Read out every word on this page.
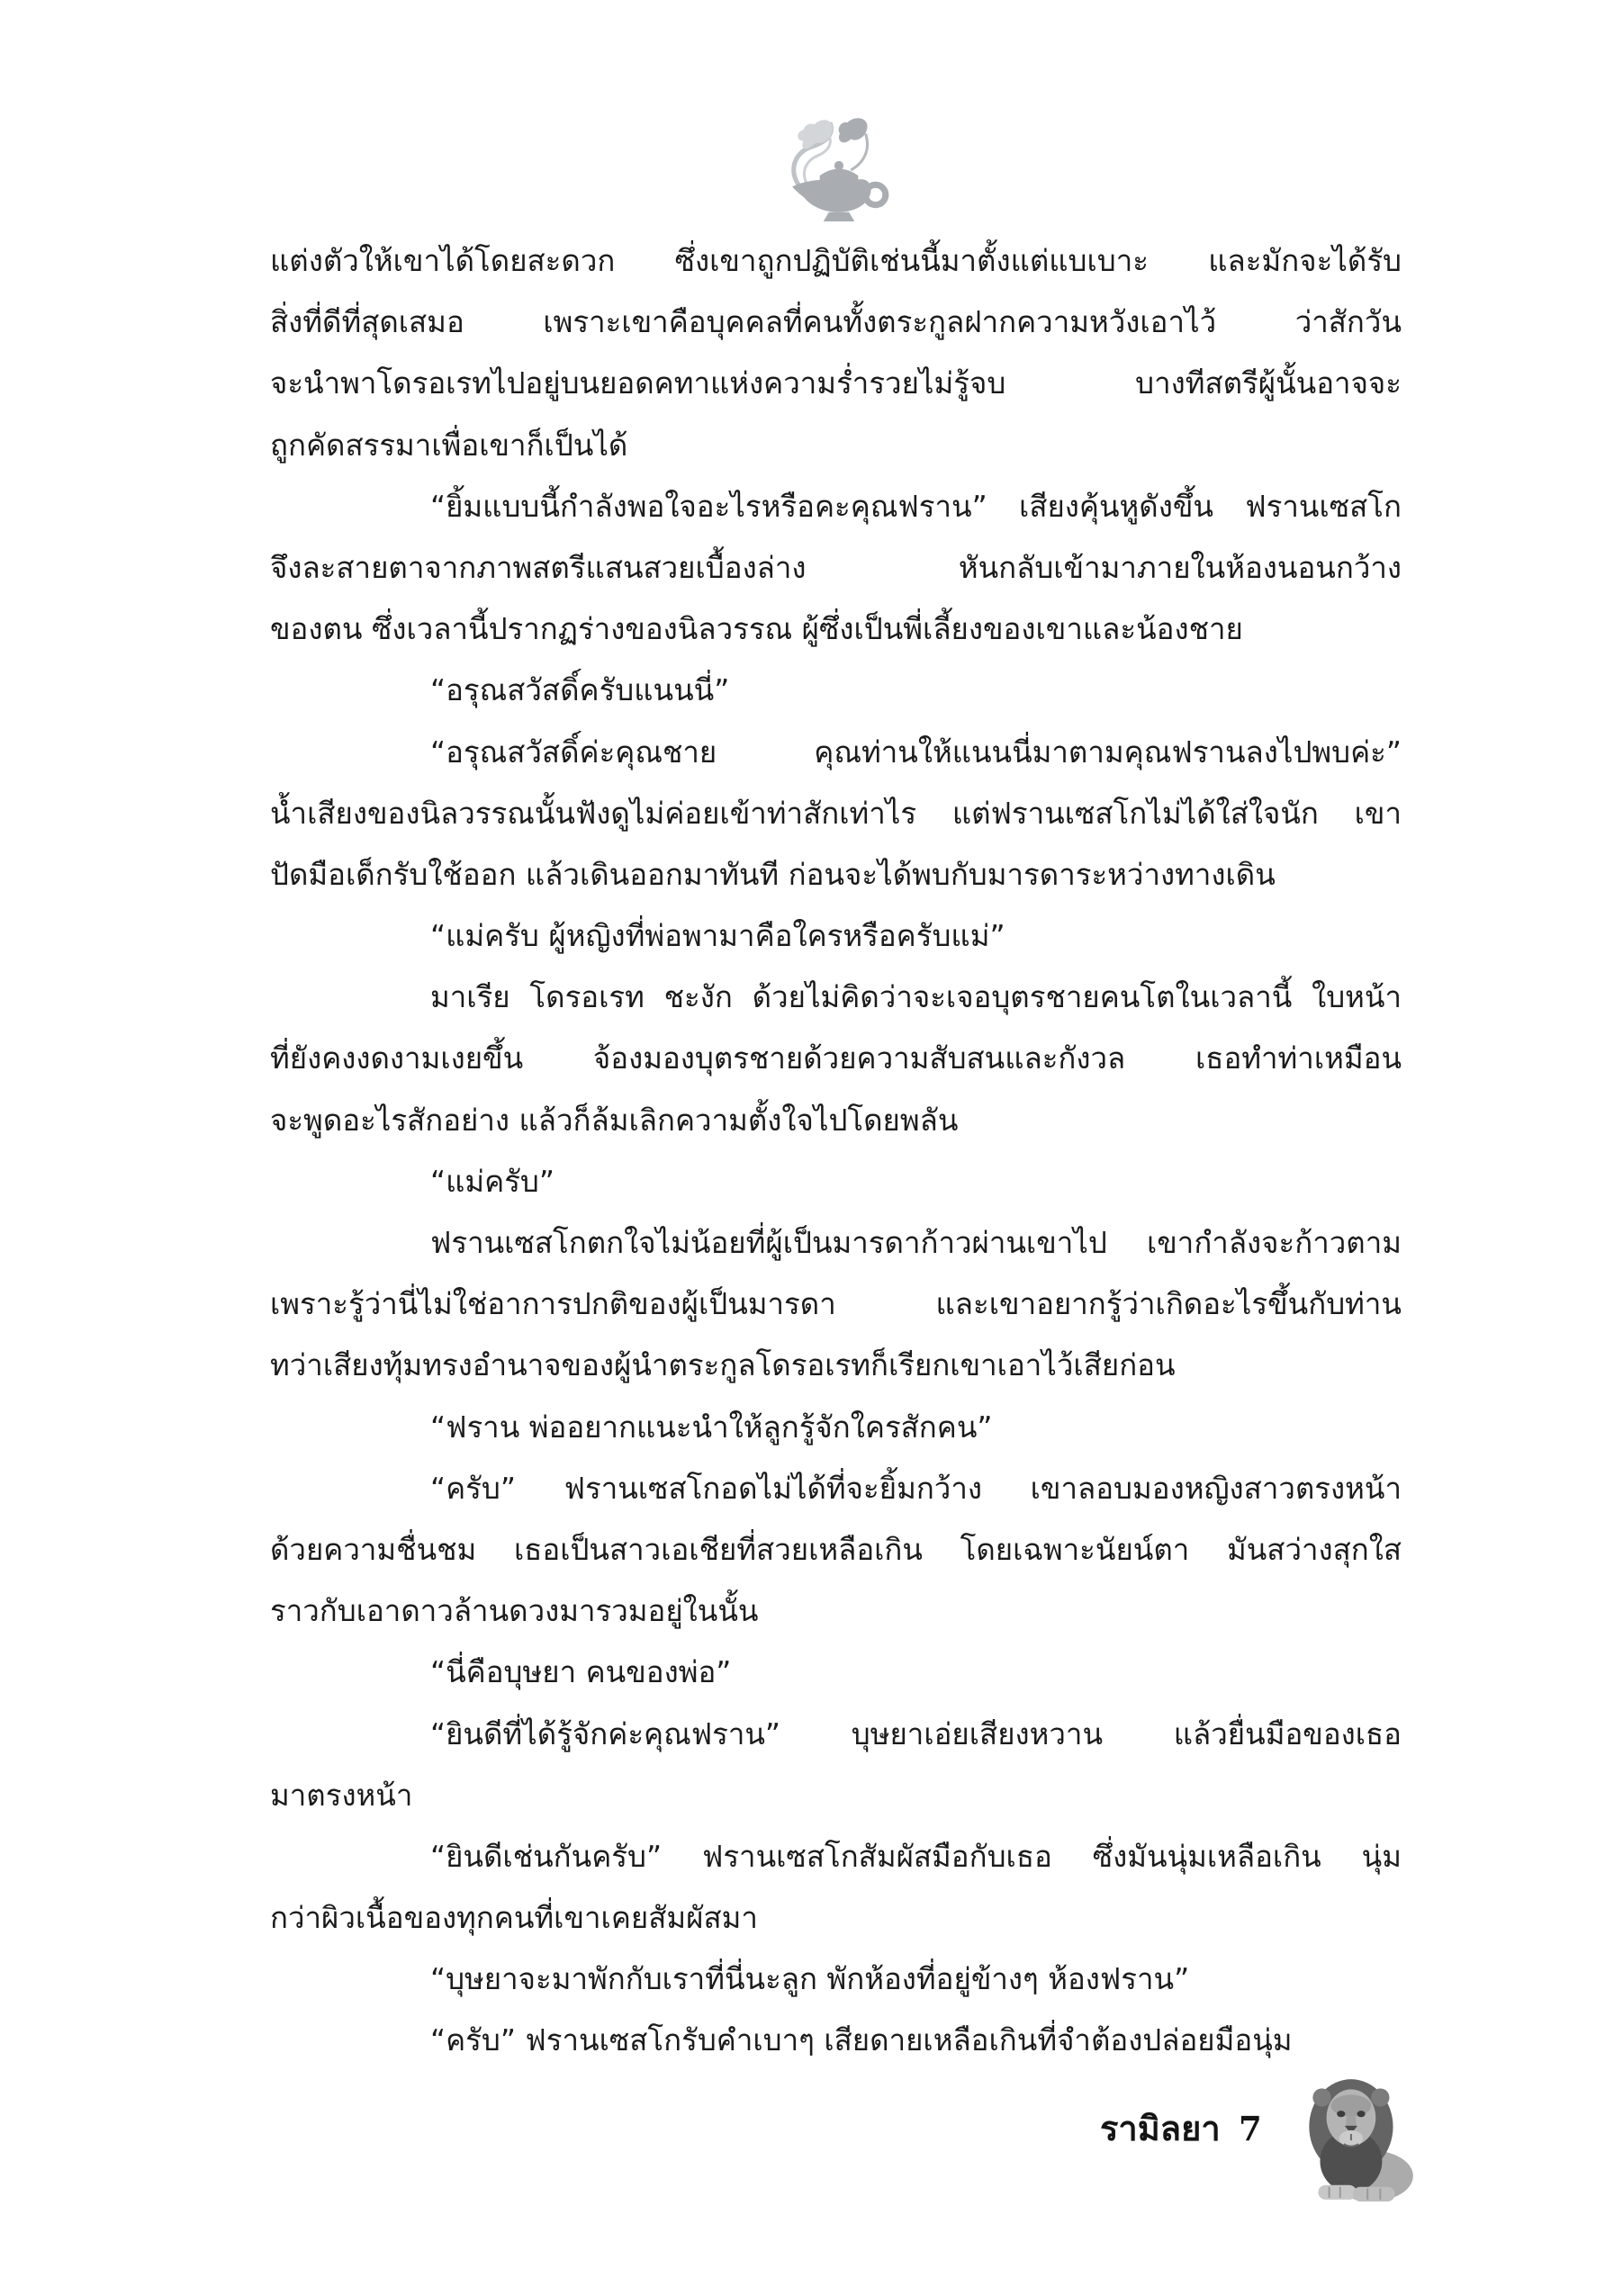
แต่งตัวให้เขาได้โดยสะดวก ซึ่งเขาถูกปฏิบัติเช่นนี้มาตั้งแต่แบเบาะ และมักจะได้รับ
สิ่งที่ดีที่สุดเสมอ เพราะเขาคือบุคคลที่คนทั้งตระกูลฝากความหวังเอาไว้ ว่าสักวัน
จะนำพาโดรอเรทไปอยู่บนยอดคทาแห่งความร่ำรวยไม่รู้จบ บางทีสตรีผู้นั้นอาจจะ
ถูกคัดสรรมาเพื่อเขาก็เป็นได้
“ยิ้มแบบนี้กำลังพอใจอะไรหรือคะคุณฟราน” เสียงคุ้นหูดังขึ้น ฟรานเซสโก
จึงละสายตาจากภาพสตรีแสนสวยเบื้องล่าง หันกลับเข้ามาภายในห้องนอนกว้าง
ของตน ซึ่งเวลานี้ปรากฏร่างของนิลวรรณ ผู้ซึ่งเป็นพี่เลี้ยงของเขาและน้องชาย
“อรุณสวัสดิ์ครับแนนนี่”
“อรุณสวัสดิ์ค่ะคุณชาย คุณท่านให้แนนนี่มาตามคุณฟรานลงไปพบค่ะ”
น้ำเสียงของนิลวรรณนั้นฟังดูไม่ค่อยเข้าท่าสักเท่าไร แต่ฟรานเซสโกไม่ได้ใส่ใจนัก เขา
ปัดมือเด็กรับใช้ออก แล้วเดินออกมาทันที ก่อนจะได้พบกับมารดาระหว่างทางเดิน
“แม่ครับ ผู้หญิงที่พ่อพามาคือใครหรือครับแม่”
มาเรีย โดรอเรท ชะงัก ด้วยไม่คิดว่าจะเจอบุตรชายคนโตในเวลานี้ ใบหน้า
ที่ยังคงงดงามเงยขึ้น จ้องมองบุตรชายด้วยความสับสนและกังวล เธอทำท่าเหมือน
จะพูดอะไรสักอย่าง แล้วก็ล้มเลิกความตั้งใจไปโดยพลัน
“แม่ครับ”
ฟรานเซสโกตกใจไม่น้อยที่ผู้เป็นมารดาก้าวผ่านเขาไป เขากำลังจะก้าวตาม
เพราะรู้ว่านี่ไม่ใช่อาการปกติของผู้เป็นมารดา และเขาอยากรู้ว่าเกิดอะไรขึ้นกับท่าน
ทว่าเสียงทุ้มทรงอำนาจของผู้นำตระกูลโดรอเรทก็เรียกเขาเอาไว้เสียก่อน
“ฟราน พ่ออยากแนะนำให้ลูกรู้จักใครสักคน”
“ครับ” ฟรานเซสโกอดไม่ได้ที่จะยิ้มกว้าง เขาลอบมองหญิงสาวตรงหน้า
ด้วยความชื่นชม เธอเป็นสาวเอเชียที่สวยเหลือเกิน โดยเฉพาะนัยน์ตา มันสว่างสุกใส
ราวกับเอาดาวล้านดวงมารวมอยู่ในนั้น
“นี่คือบุษยา คนของพ่อ”
“ยินดีที่ได้รู้จักค่ะคุณฟราน” บุษยาเอ่ยเสียงหวาน แล้วยื่นมือของเธอ
มาตรงหน้า
“ยินดีเช่นกันครับ” ฟรานเซสโกสัมผัสมือกับเธอ ซึ่งมันนุ่มเหลือเกิน นุ่ม
กว่าผิวเนื้อของทุกคนที่เขาเคยสัมผัสมา
“บุษยาจะมาพักกับเราที่นี่นะลูก พักห้องที่อยู่ข้างๆ ห้องฟราน”
“ครับ” ฟรานเซสโกรับคำเบาๆ เสียดายเหลือเกินที่จำต้องปล่อยมือนุ่ม
รามิลยา 7
